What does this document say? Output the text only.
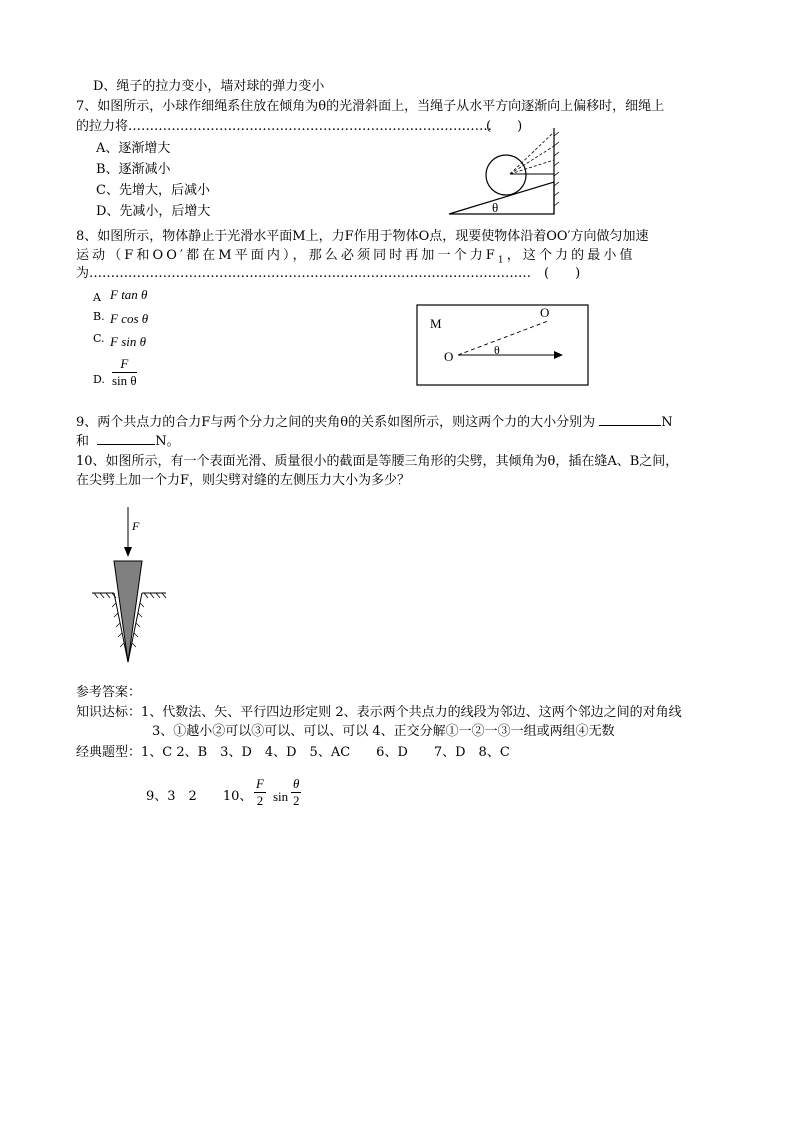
D、绳子的拉力变小，墙对球的弹力变小
7、如图所示，小球作细绳系住放在倾角为θ的光滑斜面上，当绳子从水平方向逐渐向上偏移时，细绳上
的拉力将…………………………………………………………………………
(　　)
A、逐渐增大
B、逐渐减小
C、先增大，后减小
D、先减小，后增大	θ
8、如图所示，物体静止于光滑水平面M上，力F作用于物体O点，现要使物体沿着OO′方向做匀加速
运动（F和OO′都在M平面内），那么必须同时再加一个力$F_1$，这个力的最小值
为………………………………………………………………………………………… (　　)
A F tan θ
B. F cos θ
C. F sin θ
D. $\frac{F}{\text{sin θ}}$
M
O
O	θ
9、两个共点力的合力F与两个分力之间的夹角θ的关系如图所示，则这两个力的大小分别为	N
和	N。
10、如图所示，有一个表面光滑、质量很小的截面是等腰三角形的尖劈，其倾角为θ，插在缝A、B之间，
在尖劈上加一个力F，则尖劈对缝的左侧压力大小为多少？
F
参考答案：
知识达标：1、代数法、矢、平行四边形定则 2、表示两个共点力的线段为邻边、这两个邻边之间的对角线
3、①越小②可以③可以、可以、可以 4、正交分解①一②一③一组或两组④无数
经典题型：1、C 2、B　3、D　4、D　5、AC　　6、D　　7、D　8、C
9、3　2　　10、 $\frac{F}{2}$ $\sin \frac{\theta}{2}$
